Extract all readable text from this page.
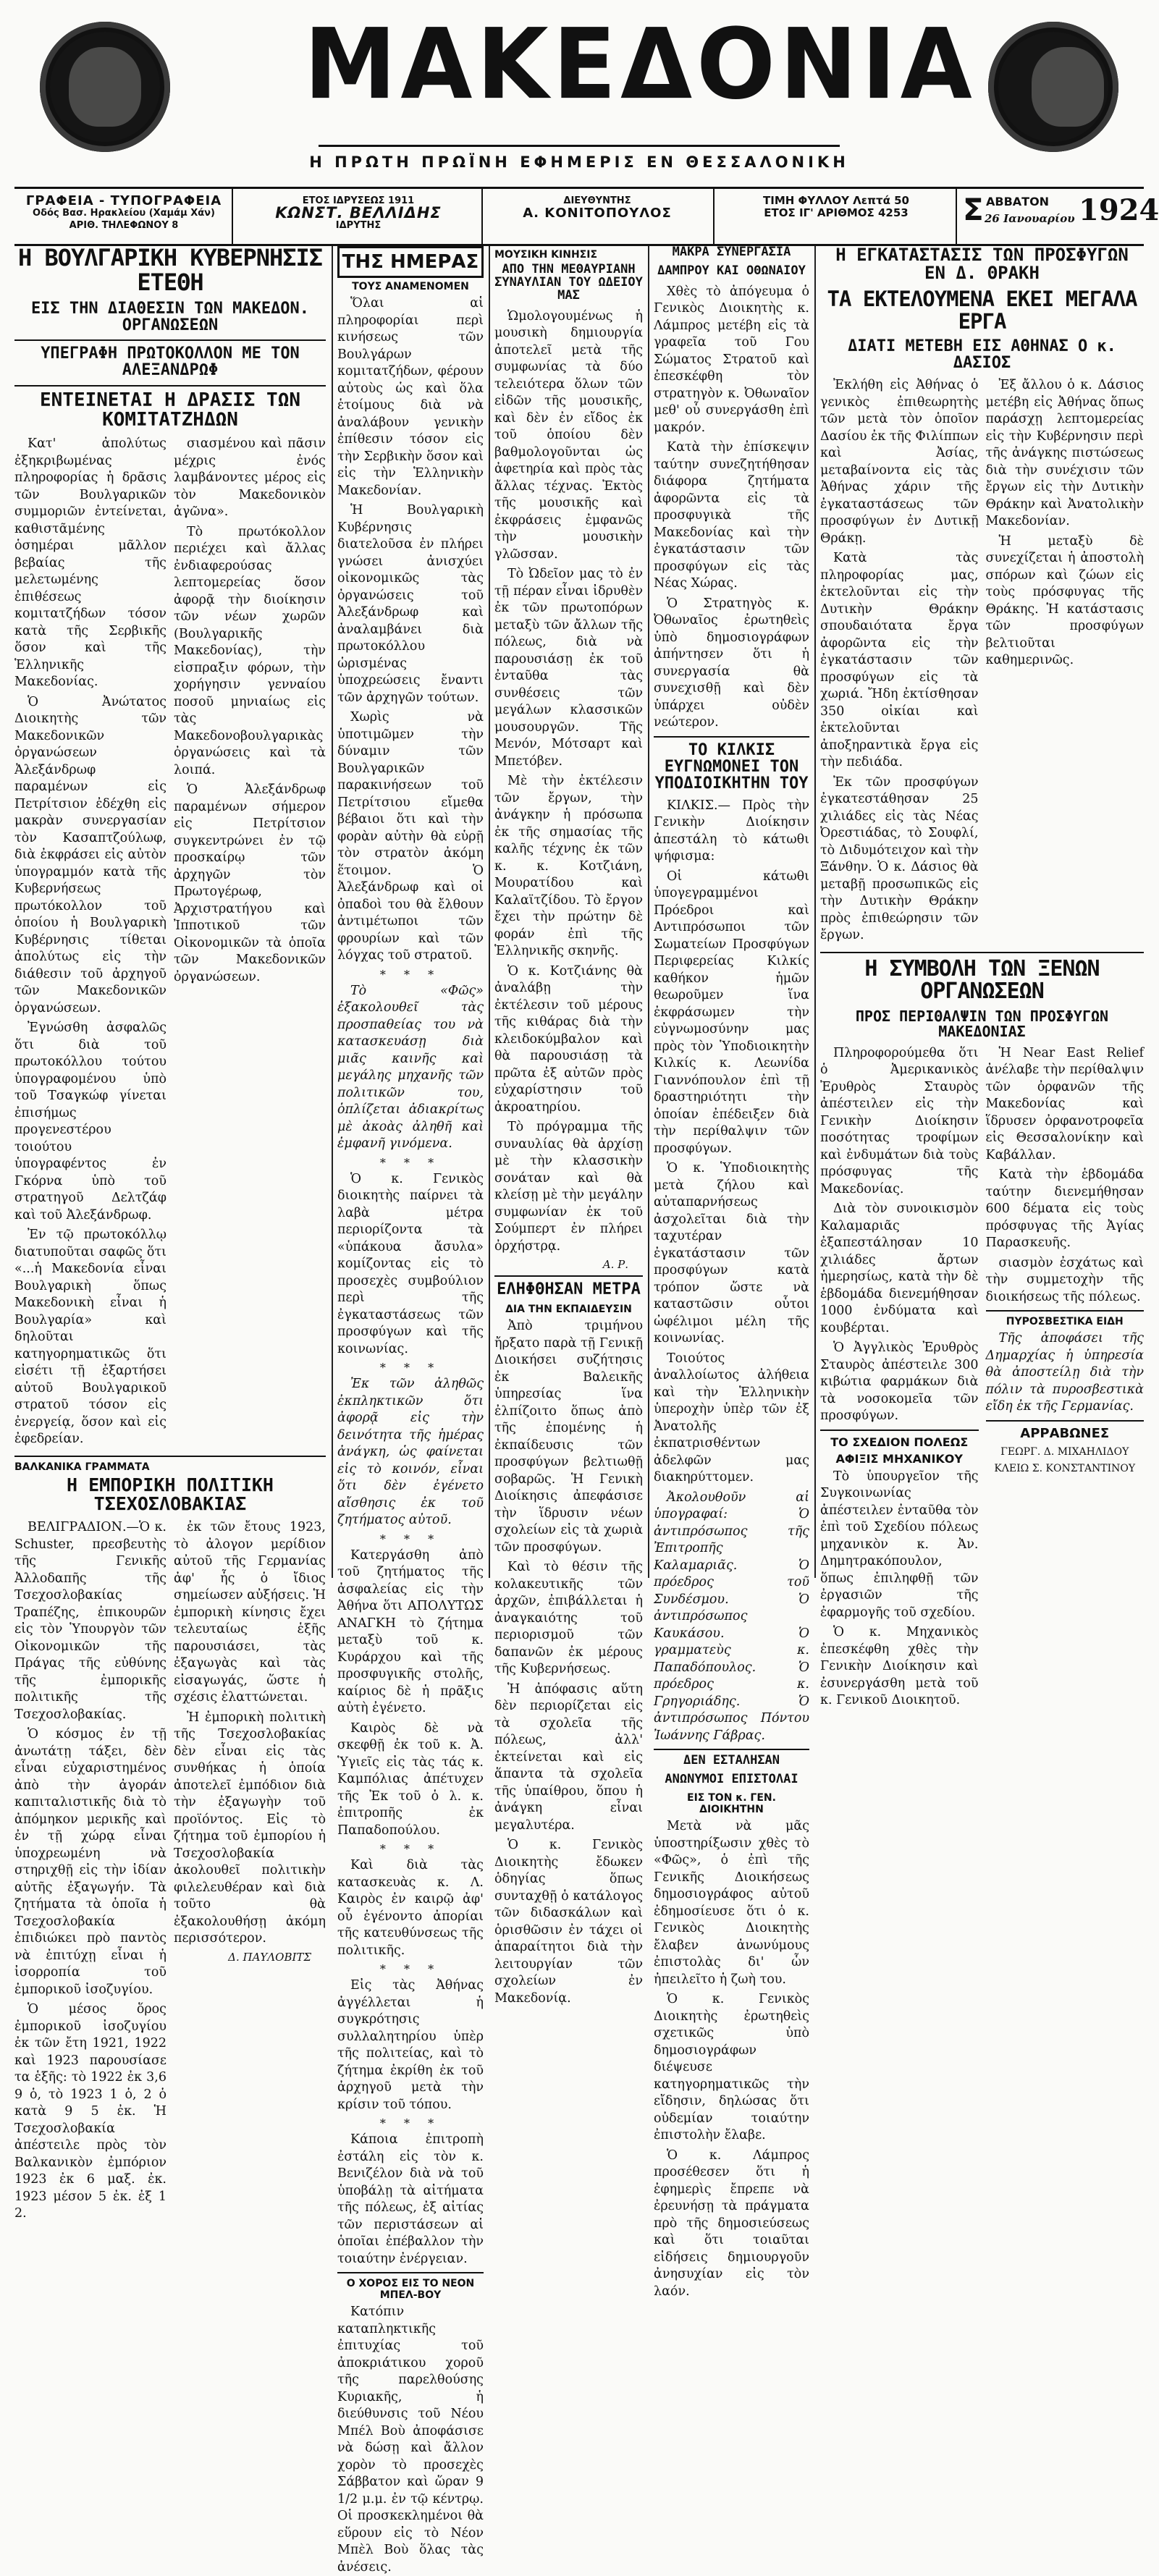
ΜΑΚΕΔΟΝΙΑ
Η ΠΡΩΤΗ ΠΡΩΪΝΗ ΕΦΗΜΕΡΙΣ ΕΝ ΘΕΣΣΑΛΟΝΙΚΗ
ΓΡΑΦΕΙΑ - ΤΥΠΟΓΡΑΦΕΙΑ
Οδός Βασ. Ηρακλείου (Χαμάμ Χάν)
ΑΡΙΘ. ΤΗΛΕΦΩΝΟΥ 8
ΕΤΟΣ ΙΔΡΥΣΕΩΣ 1911
ΚΩΝΣΤ. ΒΕΛΛΙΔΗΣ
ΙΔΡΥΤΗΣ
ΔΙΕΥΘΥΝΤΗΣ
Α. ΚΟΝΙΤΟΠΟΥΛΟΣ
ΤΙΜΗ ΦΥΛΛΟΥ Λεπτά 50
ΕΤΟΣ ΙΓ' ΑΡΙΘΜΟΣ 4253	Σ ΑΒΒΑΤΟΝ
26 Ιανουαρίου 1924
Η ΒΟΥΛΓΑΡΙΚΗ ΚΥΒΕΡΝΗΣΙΣ ΕΤΕΘΗ
ΕΙΣ ΤΗΝ ΔΙΑΘΕΣΙΝ ΤΩΝ ΜΑΚΕΔΟΝ. ΟΡΓΑΝΩΣΕΩΝ
ΥΠΕΓΡΑΦΗ ΠΡΩΤΟΚΟΛΛΟΝ ΜΕ ΤΟΝ ΑΛΕΞΑΝΔΡΩΦ
ΕΝΤΕΙΝΕΤΑΙ Η ΔΡΑΣΙΣ ΤΩΝ ΚΟΜΙΤΑΤΖΗΔΩΝ

Κατ' ἀπολύτως ἐξηκριβωμένας πληροφορίας ἡ δρᾶσις τῶν Βουλγαρικῶν συμμοριῶν ἐντείνεται, καθιστᾶμένης ὁσημέραι μᾶλλον βεβαίας τῆς μελετωμένης ἐπιθέσεως κομιτατζήδων τόσον κατὰ τῆς Σερβικῆς ὅσον καὶ τῆς Ἑλληνικῆς Μακεδονίας.

Ὁ Ἀνώτατος Διοικητὴς τῶν Μακεδονικῶν ὀργανώσεων Ἀλεξάνδρωφ παραμένων εἰς Πετρίτσιον ἐδέχθη εἰς μακρὰν συνεργασίαν τὸν Κασαπτζούλωφ, διὰ ἐκφράσει εἰς αὐτὸν ὑπογραμμόν κατὰ τῆς Κυβερνήσεως πρωτόκολλον τοῦ ὁποίου ἡ Βουλγαρικὴ Κυβέρνησις τίθεται ἀπολύτως εἰς τὴν διάθεσιν τοῦ ἀρχηγοῦ τῶν Μακεδονικῶν ὀργανώσεων.

Ἐγνώσθη ἀσφαλῶς ὅτι διὰ τοῦ πρωτοκόλλου τούτου ὑπογραφομένου ὑπὸ τοῦ Τσαγκώφ γίνεται ἐπισήμως προγενεστέρου τοιούτου ὑπογραφέντος ἐν Γκόρνα ὑπὸ τοῦ στρατηγοῦ Δελτζάφ καὶ τοῦ Ἀλεξάνδρωφ.

Ἐν τῷ πρωτοκόλλῳ διατυποῦται σαφῶς ὅτι «...ἡ Μακεδονία εἶναι Βουλγαρικὴ ὅπως Μακεδονικὴ εἶναι ἡ Βουλγαρία» καὶ δηλοῦται κατηγορηματικῶς ὅτι εἰσέτι τῇ ἐξαρτήσει αὐτοῦ Βουλγαρικοῦ στρατοῦ τόσον εἰς ἐνεργείᾳ, ὅσον καὶ εἰς ἐφεδρείαν.

σιασμένου καὶ πᾶσιν μέχρις ἐνός λαμβάνοντες μέρος εἰς τὸν Μακεδονικὸν ἀγῶνα».

Τὸ πρωτόκολλον περιέχει καὶ ἄλλας ἐνδιαφερούσας λεπτομερείας ὅσον ἀφορᾷ τὴν διοίκησιν τῶν νέων χωρῶν (Βουλγαρικῆς Μακεδονίας), τὴν εἰσπραξιν φόρων, τὴν χορήγησιν γενναίου ποσοῦ μηνιαίως εἰς τὰς Μακεδονοβουλγαρικὰς ὀργανώσεις καὶ τὰ λοιπά.

Ὁ Ἀλεξάνδρωφ παραμένων σήμερον εἰς Πετρίτσιον συγκεντρώνει ἐν τῷ προσκαίρῳ τῶν ἀρχηγῶν τὸν Πρωτογέρωφ, Ἀρχιστρατήγου καὶ Ἰπποτικοῦ τῶν Οἰκονομικῶν τὰ ὁποῖα τῶν Μακεδονικῶν ὀργανώσεων.

ΒΑΛΚΑΝΙΚΑ ΓΡΑΜΜΑΤΑ
Η ΕΜΠΟΡΙΚΗ ΠΟΛΙΤΙΚΗ ΤΣΕΧΟΣΛΟΒΑΚΙΑΣ

ΒΕΛΙΓΡΑΔΙΟΝ.—Ὁ κ. Schuster, πρεσβευτὴς τῆς Γενικῆς Ἀλλοδαπῆς τῆς Τσεχοσλοβακίας Τραπέζης, ἐπικουρῶν εἰς τὸν Ὑπουργὸν τῶν Οἰκονομικῶν τῆς Πράγας τῆς εὐθύνης τῆς ἐμπορικῆς πολιτικῆς τῆς Τσεχοσλοβακίας.

Ὁ κόσμος ἐν τῇ ἀνωτάτῃ τάξει, δὲν εἶναι εὐχαριστημένος ἀπὸ τὴν ἀγοράν καπιταλιστικῆς διὰ τὸ ἀπόμηκον μερικῆς καὶ ἐν τῇ χώρᾳ εἶναι ὑποχρεωμένη νὰ στηριχθῇ εἰς τὴν ἰδίαν αὐτῆς ἐξαγωγήν. Τὰ ζητήματα τὰ ὁποῖα ἡ Τσεχοσλοβακία ἐπιδιώκει πρὸ παντὸς νὰ ἐπιτύχῃ εἶναι ἡ ἰσορροπία τοῦ ἐμπορικοῦ ἰσοζυγίου.

Ὁ μέσος ὅρος ἐμπορικοῦ ἰσοζυγίου ἐκ τῶν ἔτη 1921, 1922 καὶ 1923 παρουσίασε τα ἑξῆς: τὸ 1922 ἐκ 3,6 9 ὁ, τὸ 1923 1 ὁ, 2 ὁ κατὰ 9 5 ἐκ. Ἡ Τσεχοσλοβακία ἀπέστειλε πρὸς τὸν Βαλκανικὸν ἐμπόριον 1923 ἐκ 6 μαξ. ἐκ. 1923 μέσον 5 ἐκ. ἐξ 1 2.

ἐκ τῶν ἔτους 1923, τὸ ἀλογον μερίδιον αὐτοῦ τῆς Γερμανίας ἀφ' ἧς ὁ ἴδιος σημείωσεν αὐξήσεις. Ἡ ἐμπορικὴ κίνησις ἔχει τελευταίως ἑξῆς παρουσιάσει, τὰς ἐξαγωγὰς καὶ τὰς εἰσαγωγάς, ὥστε ἡ σχέσις ἐλαττώνεται.

Ἡ ἐμπορικὴ πολιτικὴ τῆς Τσεχοσλοβακίας δὲν εἶναι εἰς τὰς συνθήκας ἡ ὁποία ἀποτελεῖ ἐμπόδιον διὰ τὴν ἐξαγωγὴν τοῦ προϊόντος. Εἰς τὸ ζήτημα τοῦ ἐμπορίου ἡ Τσεχοσλοβακία ἀκολουθεῖ πολιτικὴν φιλελευθέραν καὶ διὰ τοῦτο θὰ ἐξακολουθήσῃ ἀκόμη περισσότερον.

Δ. ΠΑΥΛΟΒΙΤΣ
ΤΗΣ ΗΜΕΡΑΣ
ΤΟΥΣ ΑΝΑΜΕΝΟΜΕΝ

Ὅλαι αἱ πληροφορίαι περὶ κινήσεως τῶν Βουλγάρων κομιτατζήδων, φέρουν αὐτοὺς ὡς καὶ ὅλα ἑτοίμους διὰ νὰ ἀναλάβουν γενικὴν ἐπίθεσιν τόσον εἰς τὴν Σερβικὴν ὅσον καὶ εἰς τὴν Ἑλληνικὴν Μακεδονίαν.

Ἡ Βουλγαρικὴ Κυβέρνησις διατελοῦσα ἐν πλήρει γνώσει ἀνισχύει οἰκονομικῶς τὰς ὀργανώσεις τοῦ Ἀλεξάνδρωφ καὶ ἀναλαμβάνει διὰ πρωτοκόλλου ὡρισμένας ὑποχρεώσεις ἔναντι τῶν ἀρχηγῶν τούτων.

Χωρὶς νὰ ὑποτιμῶμεν τὴν δύναμιν τῶν Βουλγαρικῶν παρακινήσεων τοῦ Πετρίτσιου εἴμεθα βέβαιοι ὅτι καὶ τὴν φορὰν αὐτὴν θὰ εὑρῇ τὸν στρατὸν ἀκόμη ἕτοιμον. Ὁ Ἀλεξάνδρωφ καὶ οἱ ὀπαδοὶ του θὰ ἔλθουν ἀντιμέτωποι τῶν φρουρίων καὶ τῶν λόγχας τοῦ στρατοῦ.

* * *

Τὸ «Φῶς» ἐξακολουθεῖ τὰς προσπαθείας του νὰ κατασκευάσῃ διὰ μιᾶς καινῆς καὶ μεγάλης μηχανῆς τῶν πολιτικῶν του, ὁπλίζεται ἀδιακρίτως μὲ ἀκοὰς ἀληθῆ καὶ ἐμφανῆ γινόμενα.

* * *

Ὁ κ. Γενικὸς διοικητὴς παίρνει τὰ λαβὰ μέτρα περιορίζοντα τὰ «ὑπάκουα ἄσυλα» κομίζοντας εἰς τὸ προσεχὲς συμβούλιον περὶ τῆς ἐγκαταστάσεως τῶν προσφύγων καὶ τῆς κοινωνίας.

* * *

Ἐκ τῶν ἀληθῶς ἐκπληκτικῶν ὅτι ἀφορᾷ εἰς τὴν δεινότητα τῆς ἡμέρας ἀνάγκη, ὡς φαίνεται εἰς τὸ κοινόν, εἶναι ὅτι δὲν ἐγένετο αἴσθησις ἐκ τοῦ ζητήματος αὐτοῦ.

* * *

Κατεργάσθη ἀπὸ τοῦ ζητήματος τῆς ἀσφαλείας εἰς τὴν Ἀθήνα ὅτι ΑΠΟΛΥΤΩΣ ΑΝΑΓΚΗ τὸ ζήτημα μεταξὺ τοῦ κ. Κυράρχου καὶ τῆς προσφυγικῆς στολῆς, καίριος δὲ ἡ πρᾶξις αὐτὴ ἐγένετο.

Καιρὸς δὲ νὰ σκεφθῇ ἐκ τοῦ κ. Ἀ. Ὑγιεῖς εἰς τὰς τάς κ. Καμπόλιας ἀπέτυχεν τῆς Ἐκ τοῦ ὁ λ. κ. ἐπιτροπῆς ἐκ Παπαδοπούλου.

* * *

Καὶ διὰ τὰς κατασκευὰς κ. Λ. Καιρὸς ἐν καιρῷ ἀφ' οὗ ἐγένοντο ἀπορίαι τῆς κατευθύνσεως τῆς πολιτικῆς.

* * *

Εἰς τὰς Ἀθήνας ἀγγέλλεται ἡ συγκρότησις συλλαλητηρίου ὑπὲρ τῆς πολιτείας, καὶ τὸ ζήτημα ἐκρίθη ἐκ τοῦ ἀρχηγοῦ μετὰ τὴν κρίσιν τοῦ τόπου.

* * *

Κάποια ἐπιτροπὴ ἐστάλη εἰς τὸν κ. Βενιζέλον διὰ νὰ τοῦ ὑποβάλῃ τὰ αἰτήματα τῆς πόλεως, ἐξ αἰτίας τῶν περιστάσεων αἱ ὁποῖαι ἐπέβαλλον τὴν τοιαύτην ἐνέργειαν.

Ο ΧΟΡΟΣ ΕΙΣ ΤΟ ΝΕΟΝ ΜΠΕΛ-ΒΟΥ

Κατόπιν καταπληκτικῆς ἐπιτυχίας τοῦ ἀποκριάτικου χοροῦ τῆς παρελθούσης Κυριακῆς, ἡ διεύθυνσις τοῦ Νέου Μπέλ Βοὺ ἀποφάσισε νὰ δώσῃ καὶ ἄλλον χορὸν τὸ προσεχὲς Σάββατον καὶ ὥραν 9 1/2 μ.μ. ἐν τῷ κέντρῳ. Οἱ προσκεκλημένοι θὰ εὕρουν εἰς τὸ Νέον Μπὲλ Βοὺ ὅλας τὰς ἀνέσεις.

ΜΟΥΣΙΚΗ ΚΙΝΗΣΙΣ
ΑΠΟ ΤΗΝ ΜΕΘΑΥΡΙΑΝΗ ΣΥΝΑΥΛΙΑΝ ΤΟΥ ΩΔΕΙΟΥ ΜΑΣ

Ὡμολογουμένως ἡ μουσικὴ δημιουργία ἀποτελεῖ μετὰ τῆς συμφωνίας τὰ δύο τελειότερα ὅλων τῶν εἰδῶν τῆς μουσικῆς, καὶ δὲν ἐν εἴδος ἐκ τοῦ ὁποίου δὲν βαθμολογοῦνται ὡς ἀφετηρία καὶ πρὸς τὰς ἄλλας τέχνας. Ἐκτὸς τῆς μουσικῆς καὶ ἐκφράσεις ἐμφανῶς τὴν μουσικὴν γλῶσσαν.

Τὸ Ὠδεῖον μας τὸ ἐν τῇ πέραν εἶναι ἰδρυθὲν ἐκ τῶν πρωτοπόρων μεταξὺ τῶν ἄλλων τῆς πόλεως, διὰ νὰ παρουσιάσῃ ἐκ τοῦ ἐνταῦθα τὰς συνθέσεις τῶν μεγάλων κλασσικῶν μουσουργῶν. Τῆς Μενόν, Μότσαρτ καὶ Μπετόβεν.

Μὲ τὴν ἐκτέλεσιν τῶν ἔργων, τὴν ἀνάγκην ἡ πρόσωπα ἐκ τῆς σημασίας τῆς καλῆς τέχνης ἐκ τῶν κ. κ. Κοτζιάνη, Μουρατίδου καὶ Καλαϊτζίδου. Τὸ ἔργον ἔχει τὴν πρώτην δὲ φοράν ἐπὶ τῆς Ἑλληνικῆς σκηνῆς.

Ὁ κ. Κοτζιάνης θὰ ἀναλάβῃ τὴν ἐκτέλεσιν τοῦ μέρους τῆς κιθάρας διὰ τὴν κλειδοκύμβαλον καὶ θὰ παρουσιάσῃ τὰ πρῶτα ἐξ αὐτῶν πρὸς εὐχαρίστησιν τοῦ ἀκροατηρίου.

Τὸ πρόγραμμα τῆς συναυλίας θὰ ἀρχίσῃ μὲ τὴν κλασσικὴν σονάταν καὶ θὰ κλείσῃ μὲ τὴν μεγάλην συμφωνίαν ἐκ τοῦ Σούμπερτ ἐν πλήρει ὀρχήστρᾳ.

Α. Ρ.
ΕΛΗΦΘΗΣΑΝ ΜΕΤΡΑ
ΔΙΑ ΤΗΝ ΕΚΠΑΙΔΕΥΣΙΝ

Ἀπὸ τριμήνου ἤρξατο παρὰ τῇ Γενικῇ Διοικήσει συζήτησις ἐκ Βαλεικῆς ὑπηρεσίας ἵνα ἐλπίζοιτο ὅπως ἀπὸ τῆς ἐπομένης ἡ ἐκπαίδευσις τῶν προσφύγων βελτιωθῇ σοβαρῶς. Ἡ Γενικὴ Διοίκησις ἀπεφάσισε τὴν ἵδρυσιν νέων σχολείων εἰς τὰ χωριὰ τῶν προσφύγων.

Καὶ τὸ θέσιν τῆς κολακευτικῆς τῶν ἀρχῶν, ἐπιβάλλεται ἡ ἀναγκαιότης τοῦ περιορισμοῦ τῶν δαπανῶν ἐκ μέρους τῆς Κυβερνήσεως.

Ἡ ἀπόφασις αὕτη δὲν περιορίζεται εἰς τὰ σχολεῖα τῆς πόλεως, ἀλλ' ἐκτείνεται καὶ εἰς ἅπαντα τὰ σχολεῖα τῆς ὑπαίθρου, ὅπου ἡ ἀνάγκη εἶναι μεγαλυτέρα.

Ὁ κ. Γενικὸς Διοικητὴς ἔδωκεν ὁδηγίας ὅπως συνταχθῇ ὁ κατάλογος τῶν διδασκάλων καὶ ὁρισθῶσιν ἐν τάχει οἱ ἀπαραίτητοι διὰ τὴν λειτουργίαν τῶν σχολείων ἐν Μακεδονίᾳ.

ΜΑΚΡΑ ΣΥΝΕΡΓΑΣΙΑ
ΔΑΜΠΡΟΥ ΚΑΙ ΟΘΩΝΑΙΟΥ

Χθὲς τὸ ἀπόγευμα ὁ Γενικὸς Διοικητὴς κ. Λάμπρος μετέβη εἰς τὰ γραφεῖα τοῦ Γου Σώματος Στρατοῦ καὶ ἐπεσκέφθη τὸν στρατηγὸν κ. Ὀθωναῖον μεθ' οὗ συνεργάσθη ἐπὶ μακρόν.

Κατὰ τὴν ἐπίσκεψιν ταύτην συνεζητήθησαν διάφορα ζητήματα ἀφορῶντα εἰς τὰ προσφυγικὰ τῆς Μακεδονίας καὶ τὴν ἐγκατάστασιν τῶν προσφύγων εἰς τὰς Νέας Χώρας.

Ὁ Στρατηγὸς κ. Ὀθωναῖος ἐρωτηθεὶς ὑπὸ δημοσιογράφων ἀπήντησεν ὅτι ἡ συνεργασία θὰ συνεχισθῇ καὶ δὲν ὑπάρχει οὐδὲν νεώτερον.

ΤΟ ΚΙΛΚΙΣ ΕΥΓΝΩΜΟΝΕΙ ΤΟΝ ΥΠΟΔΙΟΙΚΗΤΗΝ ΤΟΥ

ΚΙΛΚΙΣ.— Πρὸς τὴν Γενικὴν Διοίκησιν ἀπεστάλη τὸ κάτωθι ψήφισμα:

Οἱ κάτωθι ὑπογεγραμμένοι Πρόεδροι καὶ Αντιπρόσωποι τῶν Σωματείων Προσφύγων Περιφερείας Κιλκίς καθήκον ἡμῶν θεωροῦμεν ἵνα ἐκφράσωμεν τὴν εὐγνωμοσύνην μας πρὸς τὸν Ὑποδιοικητὴν Κιλκίς κ. Λεωνίδα Γιαννόπουλον ἐπὶ τῇ δραστηριότητι τὴν ὁποίαν ἐπέδειξεν διὰ τὴν περίθαλψιν τῶν προσφύγων.

Ὁ κ. Ὑποδιοικητὴς μετὰ ζήλου καὶ αὐταπαρνήσεως ἀσχολεῖται διὰ τὴν ταχυτέραν ἐγκατάστασιν τῶν προσφύγων κατὰ τρόπον ὥστε νὰ καταστῶσιν οὗτοι ὠφέλιμοι μέλη τῆς κοινωνίας.

Τοιούτος ἀναλλοίωτος ἀλήθεια καὶ τὴν Ἑλληνικὴν ὑπεροχὴν ὑπὲρ τῶν ἐξ Ἀνατολῆς ἐκπατρισθέντων ἀδελφῶν μας διακηρύττομεν.

Ἀκολουθοῦν αἱ ὑπογραφαί: Ὁ ἀντιπρόσωπος τῆς Ἐπιτροπῆς Καλαμαριᾶς. Ὁ πρόεδρος τοῦ Συνδέσμου. Ὁ ἀντιπρόσωπος Καυκάσου. Ὁ γραμματεὺς κ. Παπαδόπουλος. Ὁ πρόεδρος κ. Γρηγοριάδης. Ὁ ἀντιπρόσωπος Πόντου Ἰωάννης Γάβρας.

ΔΕΝ ΕΣΤΑΛΗΣΑΝ
ΑΝΩΝΥΜΟΙ ΕΠΙΣΤΟΛΑΙ
ΕΙΣ ΤΟΝ κ. ΓΕΝ. ΔΙΟΙΚΗΤΗΝ

Μετὰ νὰ μᾶς ὑποστηρίξωσιν χθὲς τὸ «Φῶς», ὁ ἐπὶ τῆς Γενικῆς Διοικήσεως δημοσιογράφος αὐτοῦ ἐδημοσίευσε ὅτι ὁ κ. Γενικὸς Διοικητὴς ἔλαβεν ἀνωνύμους ἐπιστολὰς δι' ὧν ἠπειλεῖτο ἡ ζωὴ του.

Ὁ κ. Γενικὸς Διοικητὴς ἐρωτηθεὶς σχετικῶς ὑπὸ δημοσιογράφων διέψευσε κατηγορηματικῶς τὴν εἴδησιν, δηλώσας ὅτι οὐδεμίαν τοιαύτην ἐπιστολὴν ἔλαβε.

Ὁ κ. Λάμπρος προσέθεσεν ὅτι ἡ ἐφημερὶς ἔπρεπε νὰ ἐρευνήσῃ τὰ πράγματα πρὸ τῆς δημοσιεύσεως καὶ ὅτι τοιαῦται εἰδήσεις δημιουργοῦν ἀνησυχίαν εἰς τὸν λαόν.

Η ΕΓΚΑΤΑΣΤΑΣΙΣ ΤΩΝ ΠΡΟΣΦΥΓΩΝ ΕΝ Δ. ΘΡΑΚΗ
ΤΑ ΕΚΤΕΛΟΥΜΕΝΑ ΕΚΕΙ ΜΕΓΑΛΑ ΕΡΓΑ
ΔΙΑΤΙ ΜΕΤΕΒΗ ΕΙΣ ΑΘΗΝΑΣ Ο κ. ΔΑΣΙΟΣ

Ἐκλήθη εἰς Ἀθήνας ὁ γενικὸς ἐπιθεωρητὴς τῶν μετὰ τὸν ὁποῖον Δασίου ἐκ τῆς Φιλίππων καὶ Ἀσίας, μεταβαίνοντα εἰς τὰς Ἀθήνας χάριν τῆς ἐγκαταστάσεως τῶν προσφύγων ἐν Δυτικῇ Θράκῃ.

Κατὰ τὰς πληροφορίας μας, ἐκτελοῦνται εἰς τὴν Δυτικὴν Θράκην σπουδαιότατα ἔργα ἀφορῶντα εἰς τὴν ἐγκατάστασιν τῶν προσφύγων εἰς τὰ χωριά. Ἤδη ἐκτίσθησαν 350 οἰκίαι καὶ ἐκτελοῦνται ἀποξηραντικὰ ἔργα εἰς τὴν πεδιάδα.

Ἐκ τῶν προσφύγων ἐγκατεστάθησαν 25 χιλιάδες εἰς τὰς Νέας Ὀρεστιάδας, τὸ Σουφλί, τὸ Διδυμότειχον καὶ τὴν Ξάνθην. Ὁ κ. Δάσιος θὰ μεταβῇ προσωπικῶς εἰς τὴν Δυτικὴν Θράκην πρὸς ἐπιθεώρησιν τῶν ἔργων.

Ἐξ ἄλλου ὁ κ. Δάσιος μετέβη εἰς Ἀθήνας ὅπως παράσχῃ λεπτομερείας εἰς τὴν Κυβέρνησιν περὶ τῆς ἀνάγκης πιστώσεως διὰ τὴν συνέχισιν τῶν ἔργων εἰς τὴν Δυτικὴν Θράκην καὶ Ἀνατολικὴν Μακεδονίαν.

Ἡ μεταξὺ δὲ συνεχίζεται ἡ ἀποστολὴ σπόρων καὶ ζώων εἰς τοὺς πρόσφυγας τῆς Θράκης. Ἡ κατάστασις τῶν προσφύγων βελτιοῦται καθημερινῶς.

Η ΣΥΜΒΟΛΗ ΤΩΝ ΞΕΝΩΝ ΟΡΓΑΝΩΣΕΩΝ
ΠΡΟΣ ΠΕΡΙΘΑΛΨΙΝ ΤΩΝ ΠΡΟΣΦΥΓΩΝ ΜΑΚΕΔΟΝΙΑΣ

Πληροφορούμεθα ὅτι ὁ Ἀμερικανικὸς Ἐρυθρὸς Σταυρὸς ἀπέστειλεν εἰς τὴν Γενικὴν Διοίκησιν ποσότητας τροφίμων καὶ ἐνδυμάτων διὰ τοὺς πρόσφυγας τῆς Μακεδονίας.

Διὰ τὸν συνοικισμὸν Καλαμαριᾶς ἐξαπεστάλησαν 10 χιλιάδες ἄρτων ἡμερησίως, κατὰ τὴν δὲ ἑβδομάδα διενεμήθησαν 1000 ἐνδύματα καὶ κουβέρται.

Ὁ Ἀγγλικὸς Ἐρυθρὸς Σταυρὸς ἀπέστειλε 300 κιβώτια φαρμάκων διὰ τὰ νοσοκομεῖα τῶν προσφύγων.

ΤΟ ΣΧΕΔΙΟΝ ΠΟΛΕΩΣ
ΑΦΙΞΙΣ ΜΗΧΑΝΙΚΟΥ

Τὸ ὑπουργεῖον τῆς Συγκοινωνίας ἀπέστειλεν ἐνταῦθα τὸν ἐπὶ τοῦ Σχεδίου πόλεως μηχανικὸν κ. Ἀν. Δημητρακόπουλον, ὅπως ἐπιληφθῇ τῶν ἐργασιῶν τῆς ἐφαρμογῆς τοῦ σχεδίου.

Ὁ κ. Μηχανικὸς ἐπεσκέφθη χθὲς τὴν Γενικὴν Διοίκησιν καὶ ἐσυνεργάσθη μετὰ τοῦ κ. Γενικοῦ Διοικητοῦ.

Ἡ Near East Relief ἀνέλαβε τὴν περίθαλψιν τῶν ὀρφανῶν τῆς Μακεδονίας καὶ ἵδρυσεν ὀρφανοτροφεῖα εἰς Θεσσαλονίκην καὶ Καβάλλαν.

Κατὰ τὴν ἑβδομάδα ταύτην διενεμήθησαν 600 δέματα εἰς τοὺς πρόσφυγας τῆς Ἀγίας Παρασκευῆς.

σιασμὸν ἐσχάτως καὶ τὴν συμμετοχὴν τῆς διοικήσεως τῆς πόλεως.

ΠΥΡΟΣΒΕΣΤΙΚΑ ΕΙΔΗ

Τῆς ἀποφάσει τῆς Δημαρχίας ἡ ὑπηρεσία θὰ ἀποστείλῃ διὰ τὴν πόλιν τὰ πυροσβεστικὰ εἴδη ἐκ τῆς Γερμανίας.

ΑΡΡΑΒΩΝΕΣ

ΓΕΩΡΓ. Δ. ΜΙΧΑΗΛΙΔΟΥ ΚΛΕΙΩ Σ. ΚΟΝΣΤΑΝΤΙΝΟΥ
